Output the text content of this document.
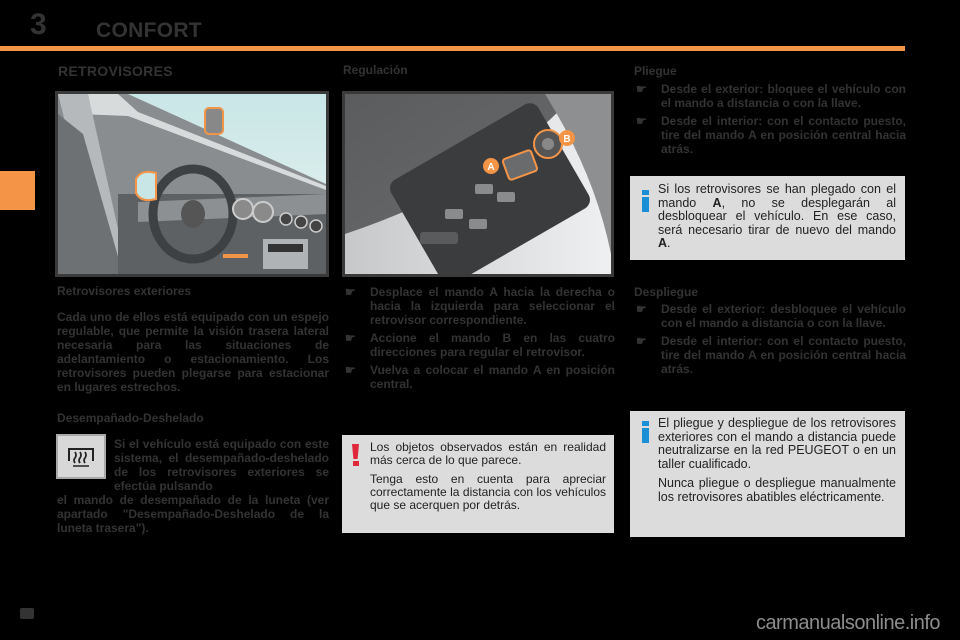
3 CONFORT
RETROVISORES
Retrovisores exteriores
Cada uno de ellos está equipado con un espejo regulable, que permite la visión trasera lateral necesaria para las situaciones de adelantamiento o estacionamiento. Los retrovisores pueden plegarse para estacionar en lugares estrechos.
Desempañado-Deshelado
Si el vehículo está equipado con este sistema, el desempañado-deshelado de los retrovisores exteriores se efectúa pulsando
el mando de desempañado de la luneta (ver apartado "Desempañado-Deshelado de la luneta trasera").
Regulación
A
B
☛ Desplace el mando A hacia la derecha o hacia la izquierda para seleccionar el retrovisor correspondiente.
☛ Accione el mando B en las cuatro direcciones para regular el retrovisor.
☛ Vuelva a colocar el mando A en posición central.

Los objetos observados están en realidad más cerca de lo que parece.

Tenga esto en cuenta para apreciar correctamente la distancia con los vehículos que se acerquen por detrás.

Pliegue
☛ Desde el exterior: bloquee el vehículo con el mando a distancia o con la llave.
☛ Desde el interior: con el contacto puesto, tire del mando A en posición central hacia atrás.
Si los retrovisores se han plegado con el mando A, no se desplegarán al desbloquear el vehículo. En ese caso, será necesario tirar de nuevo del mando A.
Despliegue
☛ Desde el exterior: desbloquee el vehículo con el mando a distancia o con la llave.
☛ Desde el interior: con el contacto puesto, tire del mando A en posición central hacia atrás.

El pliegue y despliegue de los retrovisores exteriores con el mando a distancia puede neutralizarse en la red PEUGEOT o en un taller cualificado.

Nunca pliegue o despliegue manualmente los retrovisores abatibles eléctricamente.

carmanualsonline.info
